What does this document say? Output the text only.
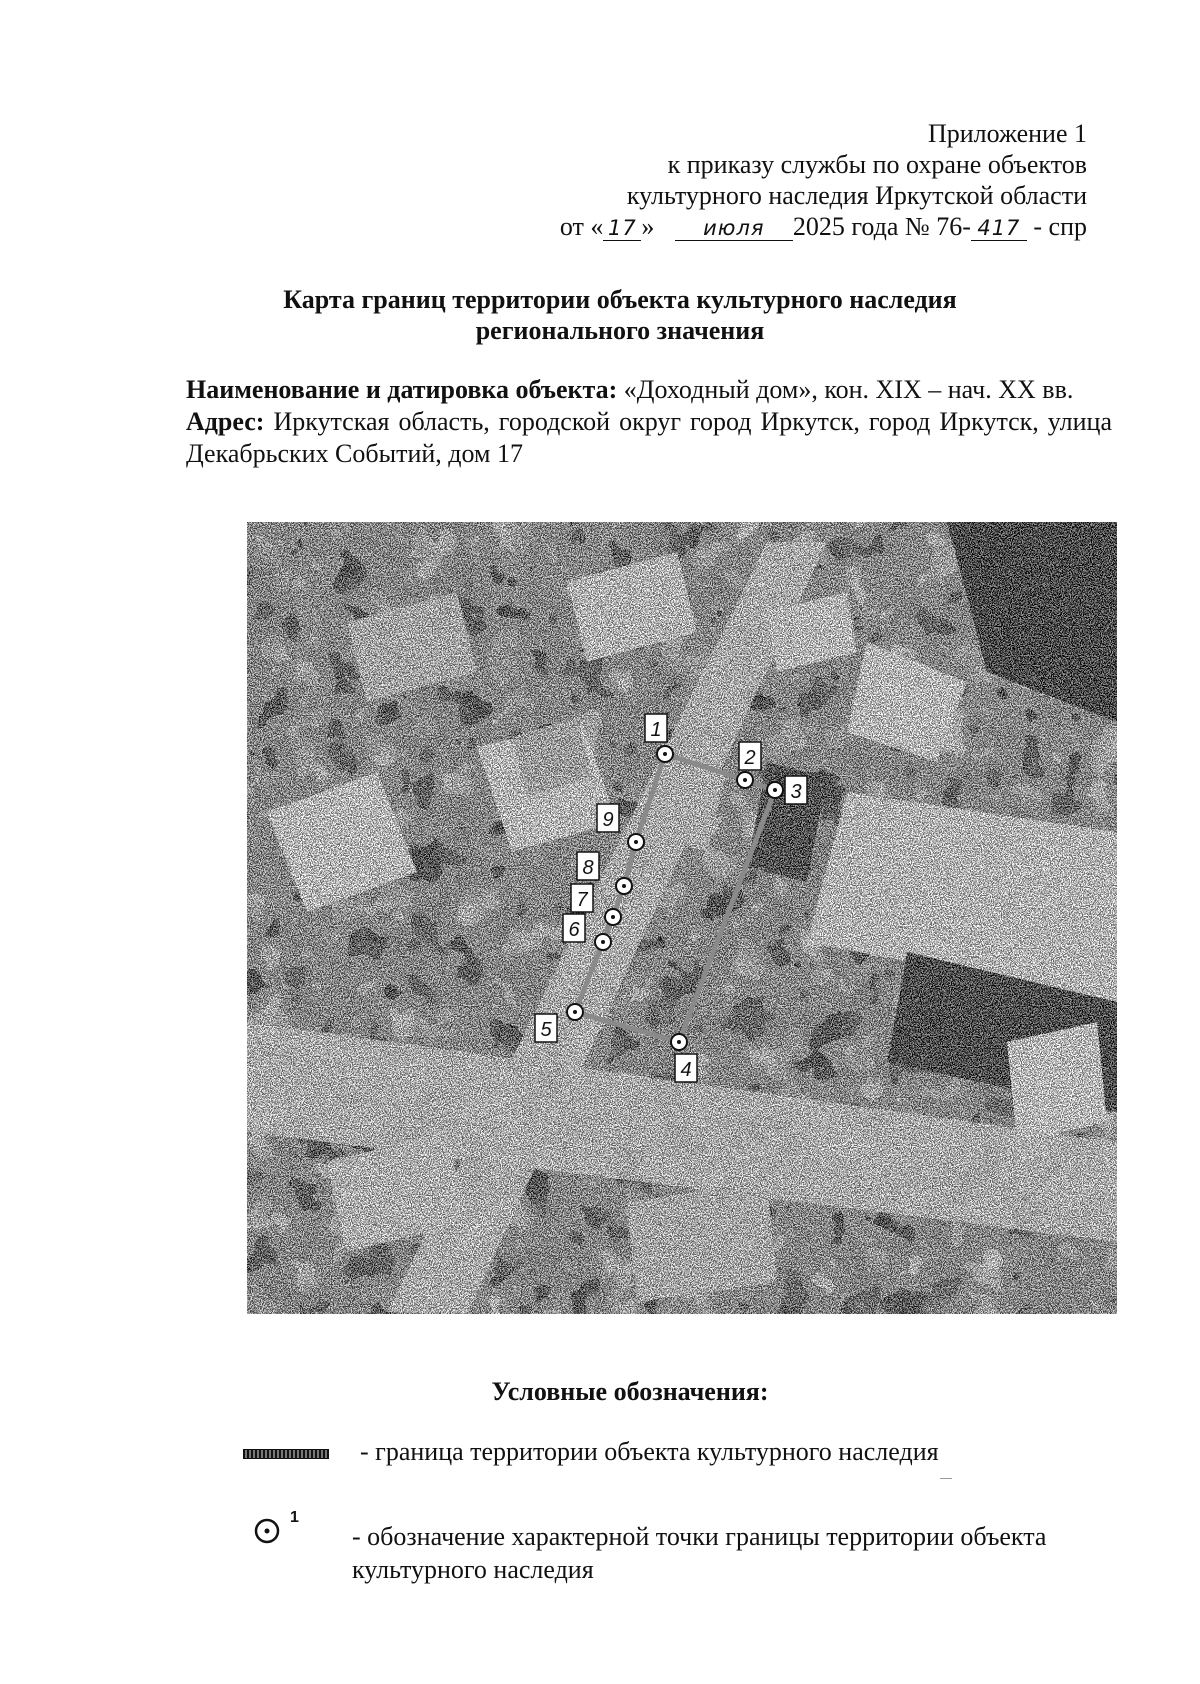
Приложение 1
к приказу службы по охране объектов
культурного наследия Иркутской области
от « 17 » июля 2025 года № 76- 417 - спр
Карта границ территории объекта культурного наследия
регионального значения
Наименование и датировка объекта: «Доходный дом», кон. XIX – нач. XX вв.
Адрес: Иркутская область, городской округ город Иркутск, город Иркутск, улица Декабрьских Событий, дом 17
1
2
3
4
5
6
7
8
9
Условные обозначения:
- граница территории объекта культурного наследия
1
- обозначение характерной точки границы территории объекта культурного наследия
